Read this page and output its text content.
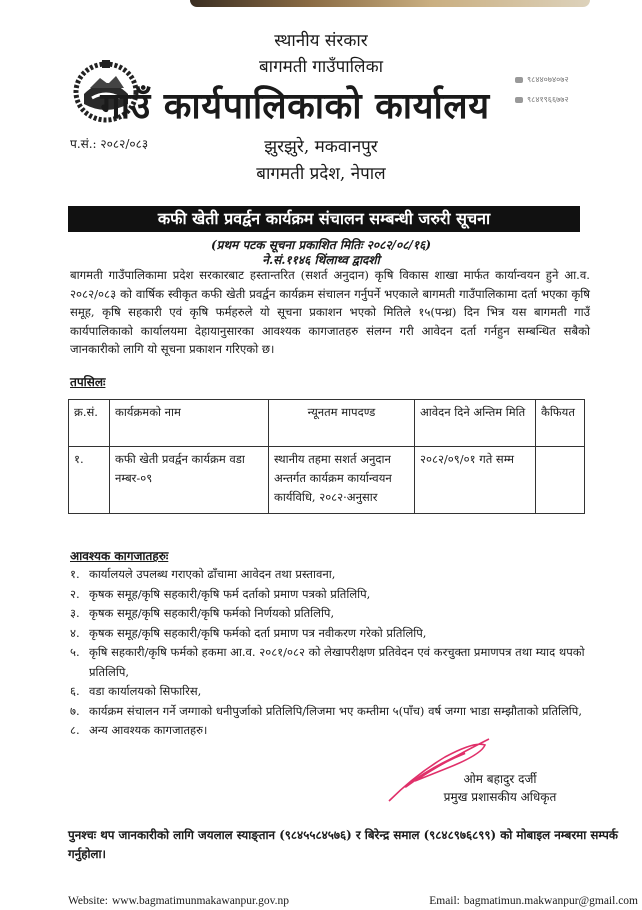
स्थानीय संरकार
बागमती गाउँपालिका
गाउँ कार्यपालिकाको कार्यालय
झुरझुरे, मकवानपुर
बागमती प्रदेश, नेपाल
प.सं.: २०८२/०८३
९८४४०७४०७२
९८४१९६६७७२
कफी खेती प्रवर्द्वन कार्यक्रम संचालन सम्बन्धी जरुरी सूचना
(प्रथम पटक सूचना प्रकाशित मितिः २०८२/०८/१६)
ने.सं.११४६ थिंलाथ्व द्वादशी
बागमती गाउँपालिकामा प्रदेश सरकारबाट हस्तान्तरित (सशर्त अनुदान) कृषि विकास शाखा मार्फत कार्यान्वयन हुने आ.व. २०८२/०८३ को वार्षिक स्वीकृत कफी खेती प्रवर्द्वन कार्यक्रम संचालन गर्नुपर्ने भएकाले बागमती गाउँपालिकामा दर्ता भएका कृषि समूह, कृषि सहकारी एवं कृषि फर्महरुले यो सूचना प्रकाशन भएको मितिले १५(पन्ध्र) दिन भित्र यस बागमती गाउँ कार्यपालिकाको कार्यालयमा देहायानुसारका आवश्यक कागजातहरु संलग्न गरी आवेदन दर्ता गर्नहुन सम्बन्धित सबैको जानकारीको लागि यो सूचना प्रकाशन गरिएको छ।
तपसिलः
क्र.सं.	कार्यक्रमको नाम	न्यूनतम मापदण्ड	आवेदन दिने अन्तिम मिति	कैफियत
१.	कफी खेती प्रवर्द्वन कार्यक्रम वडा नम्बर-०९	स्थानीय तहमा सशर्त अनुदान अन्तर्गत कार्यक्रम कार्यान्वयन कार्यविधि, २०८२·अनुसार	२०८२/०९/०१ गते सम्म	
आवश्यक कागजातहरुः
१. कार्यालयले उपलब्ध गराएको ढाँचामा आवेदन तथा प्रस्तावना,
२. कृषक समूह/कृषि सहकारी/कृषि फर्म दर्ताको प्रमाण पत्रको प्रतिलिपि,
३. कृषक समूह/कृषि सहकारी/कृषि फर्मको निर्णयको प्रतिलिपि,
४. कृषक समूह/कृषि सहकारी/कृषि फर्मको दर्ता प्रमाण पत्र नवीकरण गरेको प्रतिलिपि,
५. कृषि सहकारी/कृषि फर्मको हकमा आ.व. २०८१/०८२ को लेखापरीक्षण प्रतिवेदन एवं करचुक्ता प्रमाणपत्र तथा म्याद थपको प्रतिलिपि,
६. वडा कार्यालयको सिफारिस,
७. कार्यक्रम संचालन गर्ने जग्गाको धनीपुर्जाको प्रतिलिपि/लिजमा भए कम्तीमा ५(पाँच) वर्ष जग्गा भाडा सम्झौताको प्रतिलिपि,
८. अन्य आवश्यक कागजातहरु।
ओम बहादुर दर्जी
प्रमुख प्रशासकीय अधिकृत
पुनश्चः थप जानकारीको लागि जयलाल स्याङ्तान (९८४५५८४५७६) र बिरेन्द्र समाल (९८४८९७६८९९) को मोबाइल नम्बरमा सम्पर्क गर्नुहोला।
Website: www.bagmatimunmakawanpur.gov.np	Email: bagmatimun.makwanpur@gmail.com
